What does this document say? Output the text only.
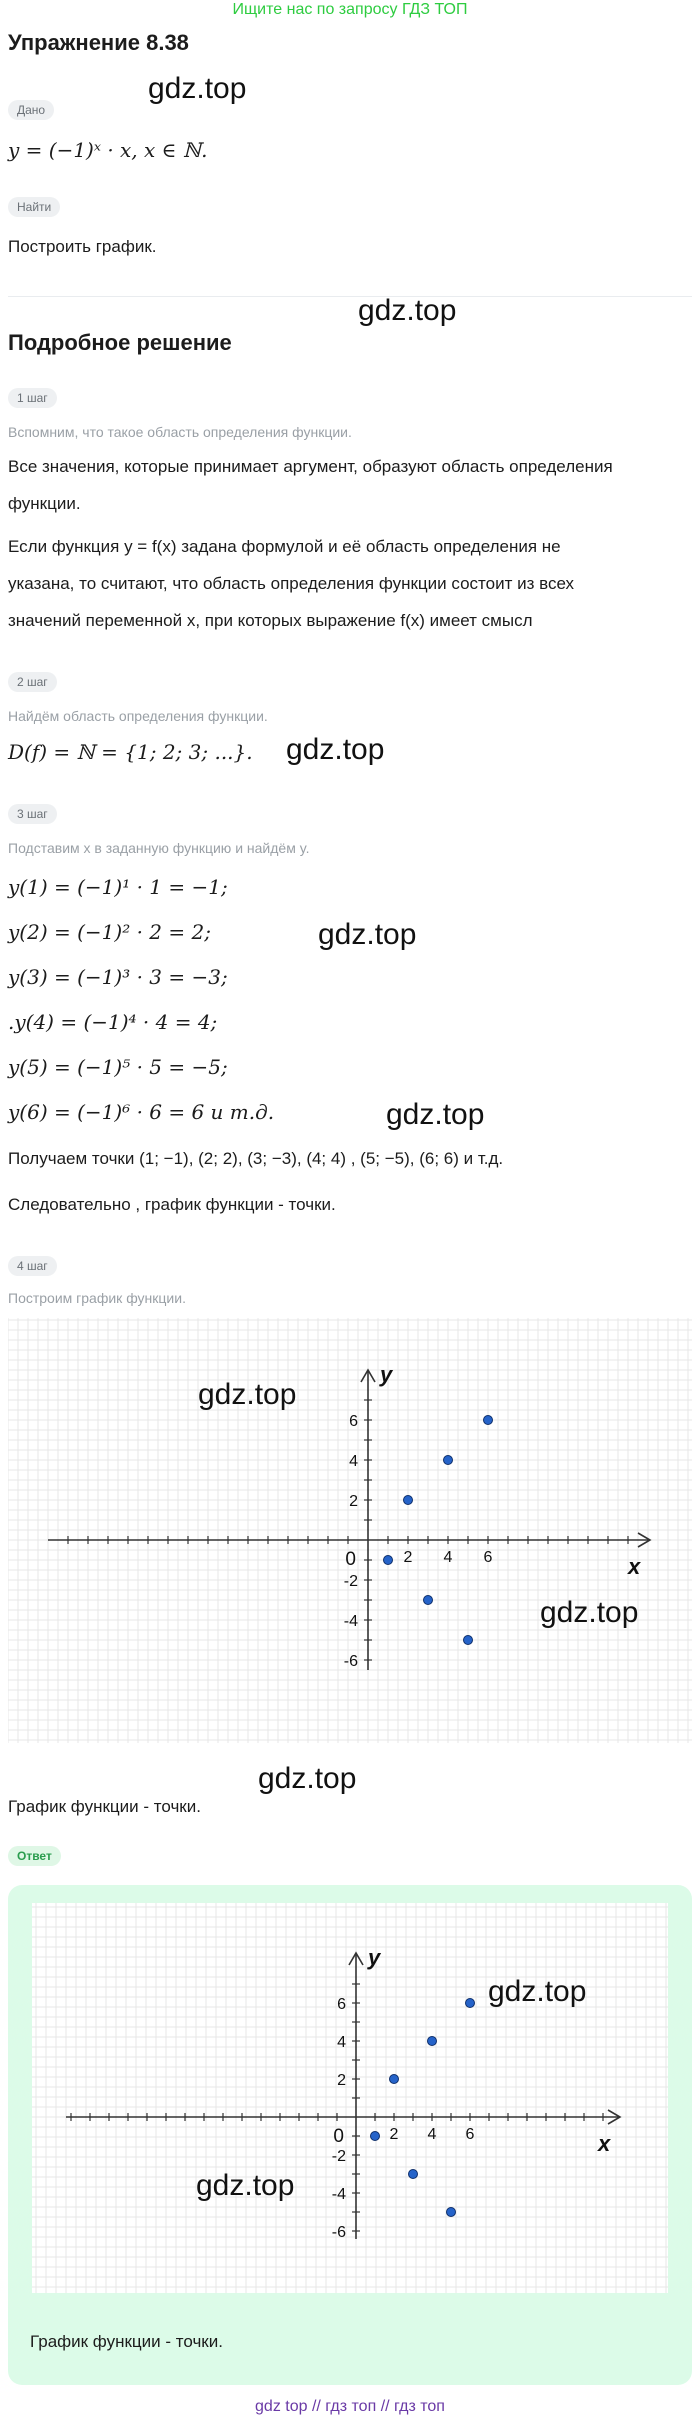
Ищите нас по запросу ГДЗ ТОП
Упражнение 8.38
Дано
gdz.top
y = (−1)ˣ · x, x ∈ ℕ.
Найти
Построить график.
gdz.top
Подробное решение
1 шаг
Вспомним, что такое область определения функции.
Все значения, которые принимает аргумент, образуют область определения
функции.
Если функция y = f(x) задана формулой и её область определения не
указана, то считают, что область определения функции состоит из всех
значений переменной x, при которых выражение f(x) имеет смысл
2 шаг
Найдём область определения функции.
D(f) = ℕ = {1; 2; 3; ...}. gdz.top
3 шаг
Подставим x в заданную функцию и найдём y.
y(1) = (−1)¹ · 1 = −1;
y(2) = (−1)² · 2 = 2;	gdz.top
y(3) = (−1)³ · 3 = −3;
.y(4) = (−1)⁴ · 4 = 4;
y(5) = (−1)⁵ · 5 = −5;
y(6) = (−1)⁶ · 6 = 6 и т.д.	gdz.top
Получаем точки (1; −1), (2; 2), (3; −3), (4; 4) , (5; −5), (6; 6) и т.д.
Следовательно , график функции - точки.
4 шаг
Построим график функции.
2 4 6
6
4
2
-2
-4
-6
0	x
y
gdz.top
gdz.top
gdz.top
График функции - точки.
Ответ
2 4 6
6
4
2
-2
-4
-6
0	x
y
gdz.top
gdz.top
График функции - точки.
gdz top // гдз топ // гдз топ
